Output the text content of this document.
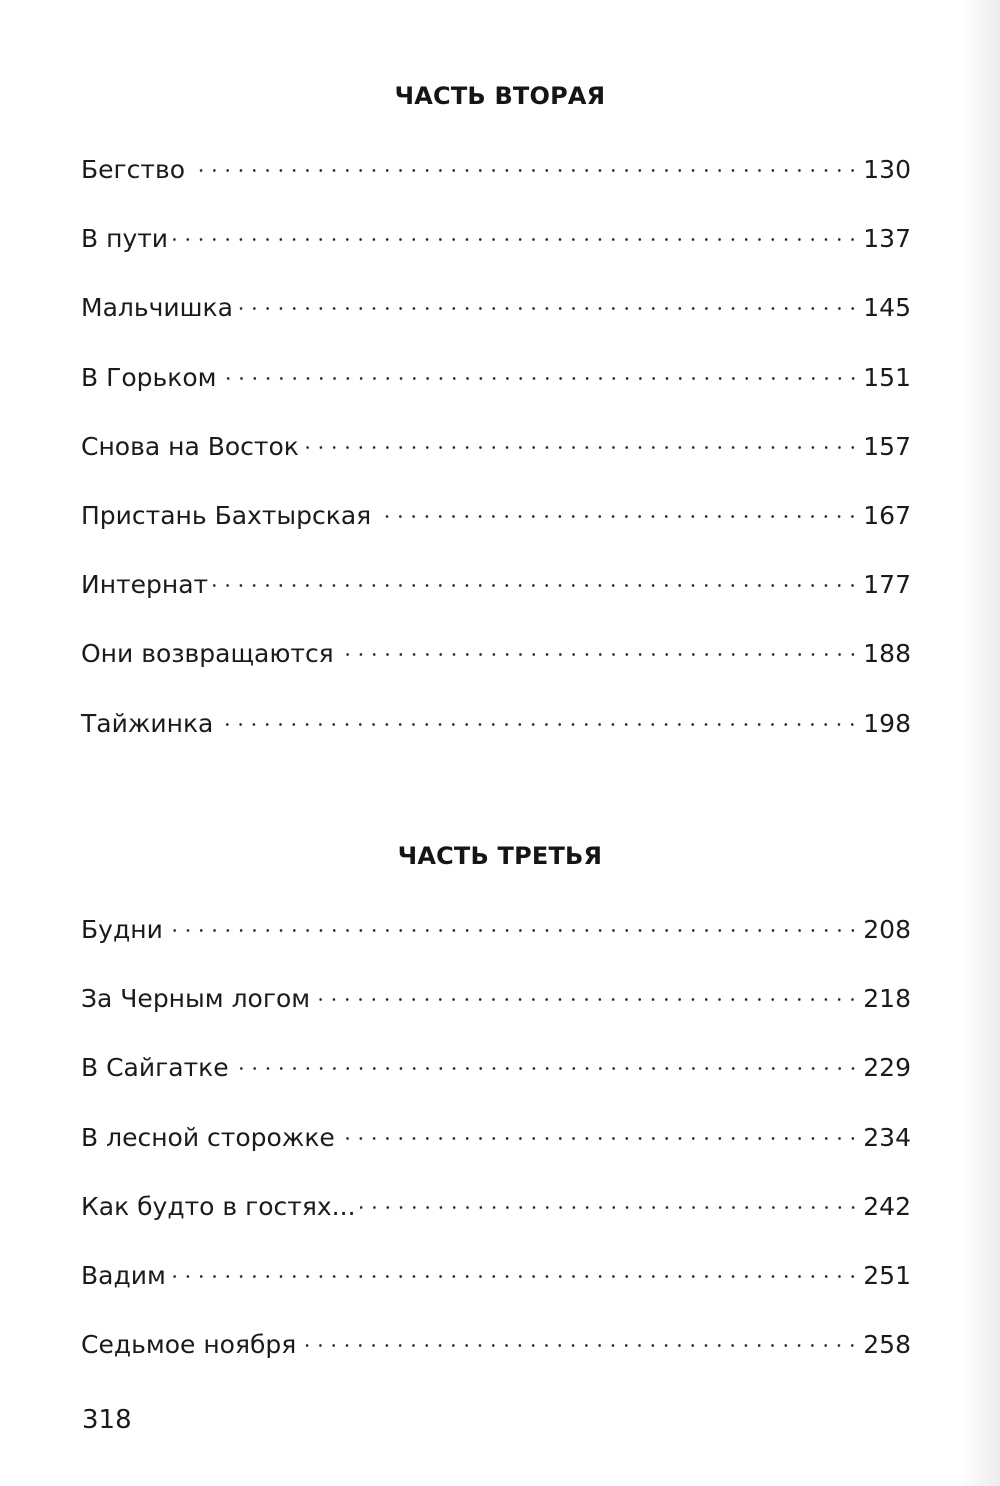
ЧАСТЬ ВТОРАЯ
Бегство	130
В пути	137
Мальчишка	145
В Горьком	151
Снова на Восток	157
Пристань Бахтырская	167
Интернат	177
Они возвращаются	188
Тайжинка	198
ЧАСТЬ ТРЕТЬЯ
Будни	208
За Черным логом	218
В Сайгатке	229
В лесной сторожке	234
Как будто в гостях...	242
Вадим	251
Седьмое ноября	258
318
